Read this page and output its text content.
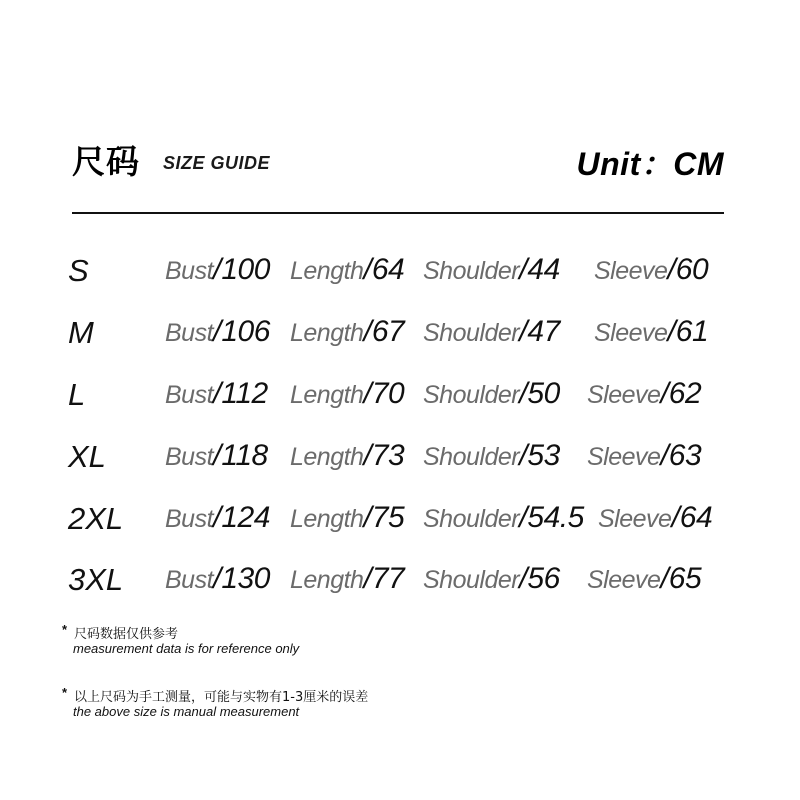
尺码 SIZE GUIDE	Unit：CM
S	Bust/100 Length/64 Shoulder/44 Sleeve/60
M	Bust/106 Length/67 Shoulder/47 Sleeve/61
L	Bust/112 Length/70 Shoulder/50 Sleeve/62
XL Bust/118 Length/73 Shoulder/53 Sleeve/63
2XL Bust/124 Length/75 Shoulder/54.5 Sleeve/64
3XL Bust/130 Length/77 Shoulder/56 Sleeve/65
* 尺码数据仅供参考
measurement data is for reference only
* 以上尺码为手工测量，可能与实物有1-3厘米的误差
the above size is manual measurement
